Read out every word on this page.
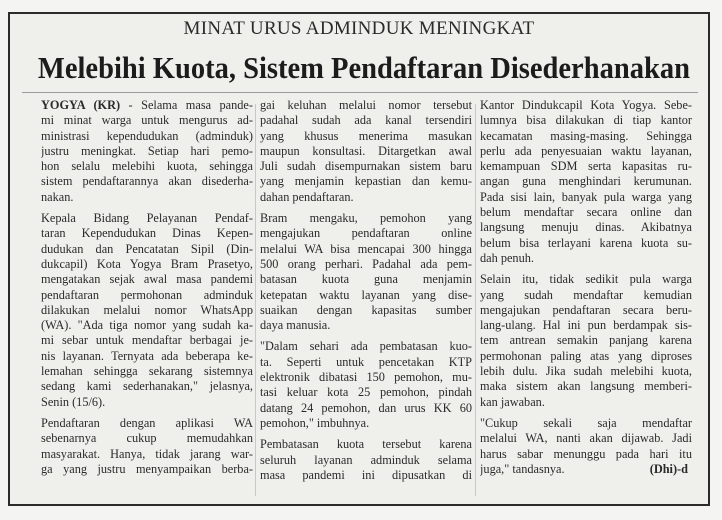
MINAT URUS ADMINDUK MENINGKAT
Melebihi Kuota, Sistem Pendaftaran Disederhanakan
YOGYA (KR) - Selama masa pande-
mi minat warga untuk mengurus ad-
ministrasi kependudukan (adminduk)
justru meningkat. Setiap hari pemo-
hon selalu melebihi kuota, sehingga
sistem pendaftarannya akan disederha-
nakan.
Kepala Bidang Pelayanan Pendaf-
taran Kependudukan Dinas Kepen-
dudukan dan Pencatatan Sipil (Din-
dukcapil) Kota Yogya Bram Prasetyo,
mengatakan sejak awal masa pandemi
pendaftaran permohonan adminduk
dilakukan melalui nomor WhatsApp
(WA). "Ada tiga nomor yang sudah ka-
mi sebar untuk mendaftar berbagai je-
nis layanan. Ternyata ada beberapa ke-
lemahan sehingga sekarang sistemnya
sedang kami sederhanakan," jelasnya,
Senin (15/6).
Pendaftaran dengan aplikasi WA
sebenarnya cukup memudahkan
masyarakat. Hanya, tidak jarang war-
ga yang justru menyampaikan berba-
gai keluhan melalui nomor tersebut
padahal sudah ada kanal tersendiri
yang khusus menerima masukan
maupun konsultasi. Ditargetkan awal
Juli sudah disempurnakan sistem baru
yang menjamin kepastian dan kemu-
dahan pendaftaran.
Bram mengaku, pemohon yang
mengajukan pendaftaran online
melalui WA bisa mencapai 300 hingga
500 orang perhari. Padahal ada pem-
batasan kuota guna menjamin
ketepatan waktu layanan yang dise-
suaikan dengan kapasitas sumber
daya manusia.
"Dalam sehari ada pembatasan kuo-
ta. Seperti untuk pencetakan KTP
elektronik dibatasi 150 pemohon, mu-
tasi keluar kota 25 pemohon, pindah
datang 24 pemohon, dan urus KK 60
pemohon," imbuhnya.
Pembatasan kuota tersebut karena
seluruh layanan adminduk selama
masa pandemi ini dipusatkan di
Kantor Dindukcapil Kota Yogya. Sebe-
lumnya bisa dilakukan di tiap kantor
kecamatan masing-masing. Sehingga
perlu ada penyesuaian waktu layanan,
kemampuan SDM serta kapasitas ru-
angan guna menghindari kerumunan.
Pada sisi lain, banyak pula warga yang
belum mendaftar secara online dan
langsung menuju dinas. Akibatnya
belum bisa terlayani karena kuota su-
dah penuh.
Selain itu, tidak sedikit pula warga
yang sudah mendaftar kemudian
mengajukan pendaftaran secara beru-
lang-ulang. Hal ini pun berdampak sis-
tem antrean semakin panjang karena
permohonan paling atas yang diproses
lebih dulu. Jika sudah melebihi kuota,
maka sistem akan langsung memberi-
kan jawaban.
"Cukup sekali saja mendaftar
melalui WA, nanti akan dijawab. Jadi
harus sabar menunggu pada hari itu
juga," tandasnya.	(Dhi)-d
